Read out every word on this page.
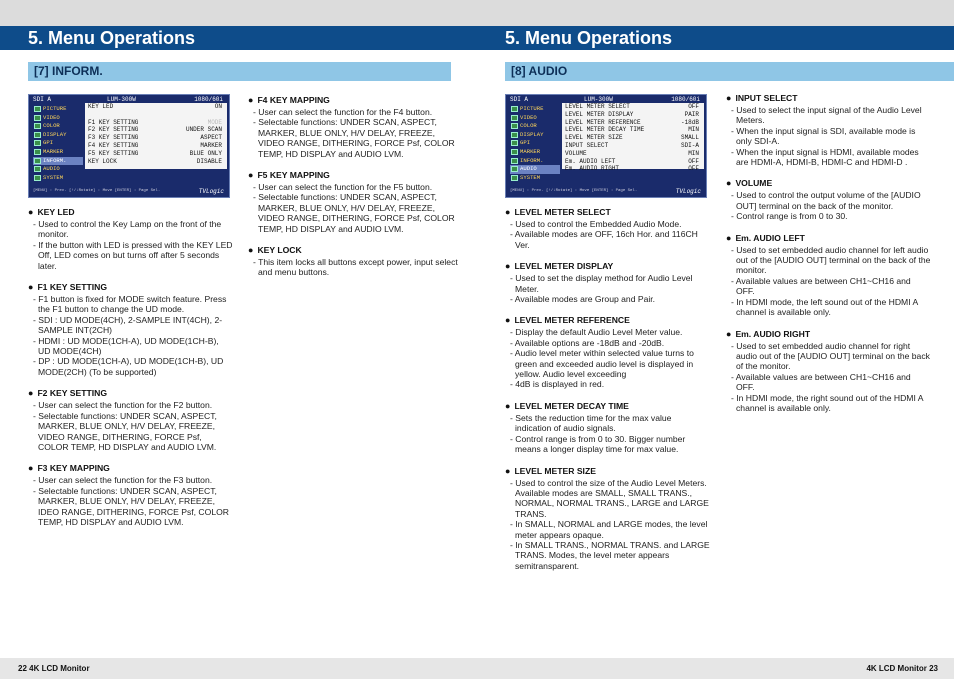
5. Menu Operations	5. Menu Operations
[7] INFORM.	[8] AUDIO
SDI A	LUM-300W	1080/60i
PICTURE
VIDEO
COLOR
DISPLAY
GPI
MARKER
INFORM.
AUDIO
SYSTEM
KEY LED	ON
F1 KEY SETTING	MODE
F2 KEY SETTING	UNDER SCAN
F3 KEY SETTING	ASPECT
F4 KEY SETTING	MARKER
F5 KEY SETTING	BLUE ONLY
KEY LOCK	DISABLE
[MENU] : Prev. [↑/↓Rotate] : Move [ENTER] : Page Sel.	TVLogic
SDI A	LUM-300W	1080/60i
PICTURE
VIDEO
COLOR
DISPLAY
GPI
MARKER
INFORM.
AUDIO
SYSTEM
LEVEL METER SELECT	OFF
LEVEL METER DISPLAY	PAIR
LEVEL METER REFERENCE	-18dB
LEVEL METER DECAY TIME	MIN
LEVEL METER SIZE	SMALL
INPUT SELECT	SDI-A
VOLUME	MIN
Em. AUDIO LEFT	OFF
Em. AUDIO RIGHT	OFF
[MENU] : Prev. [↑/↓Rotate] : Move [ENTER] : Page Sel.	TVLogic
● KEY LED

- Used to control the Key Lamp on the front of the monitor.

- If the button with LED is pressed with the KEY LED Off, LED comes on but turns off after 5 seconds later.

● F1 KEY SETTING

- F1 button is fixed for MODE switch feature. Press the F1 button to change the UD mode.

- SDI : UD MODE(4CH), 2-SAMPLE INT(4CH), 2-SAMPLE INT(2CH)

- HDMI : UD MODE(1CH-A), UD MODE(1CH-B), UD MODE(4CH)

- DP : UD MODE(1CH-A), UD MODE(1CH-B), UD MODE(2CH) (To be supported)

● F2 KEY SETTING

- User can select the function for the F2 button.

- Selectable functions: UNDER SCAN, ASPECT, MARKER, BLUE ONLY, H/V DELAY, FREEZE, VIDEO RANGE, DITHERING, FORCE Psf, COLOR TEMP, HD DISPLAY and AUDIO LVM.

● F3 KEY MAPPING

- User can select the function for the F3 button.

- Selectable functions: UNDER SCAN, ASPECT, MARKER, BLUE ONLY, H/V DELAY, FREEZE, IDEO RANGE, DITHERING, FORCE Psf, COLOR TEMP, HD DISPLAY and AUDIO LVM.

● F4 KEY MAPPING

- User can select the function for the F4 button.

- Selectable functions: UNDER SCAN, ASPECT, MARKER, BLUE ONLY, H/V DELAY, FREEZE, VIDEO RANGE, DITHERING, FORCE Psf, COLOR TEMP, HD DISPLAY and AUDIO LVM.

● F5 KEY MAPPING

- User can select the function for the F5 button.

- Selectable functions: UNDER SCAN, ASPECT, MARKER, BLUE ONLY, H/V DELAY, FREEZE, VIDEO RANGE, DITHERING, FORCE Psf, COLOR TEMP, HD DISPLAY and AUDIO LVM.

● KEY LOCK

- This item locks all buttons except power, input select and menu buttons.

● LEVEL METER SELECT

- Used to control the Embedded Audio Mode.

- Available modes are OFF, 16ch Hor. and 116CH Ver.

● LEVEL METER DISPLAY

- Used to set the display method for Audio Level Meter.

- Available modes are Group and Pair.

● LEVEL METER REFERENCE

- Display the default Audio Level Meter value.

- Available options are -18dB and -20dB.

- Audio level meter within selected value turns to green and exceeded audio level is displayed in yellow. Audio level exceeding

- 4dB is displayed in red.

● LEVEL METER DECAY TIME

- Sets the reduction time for the max value indication of audio signals.

- Control range is from 0 to 30. Bigger number means a longer display time for max value.

● LEVEL METER SIZE

- Used to control the size of the Audio Level Meters. Available modes are SMALL, SMALL TRANS., NORMAL, NORMAL TRANS., LARGE and LARGE TRANS.

- In SMALL, NORMAL and LARGE modes, the level meter appears opaque.

- In SMALL TRANS., NORMAL TRANS. and LARGE TRANS. Modes, the level meter appears semitransparent.

● INPUT SELECT

- Used to select the input signal of the Audio Level Meters.

- When the input signal is SDI, available mode is only SDI-A.

- When the input signal is HDMI, available modes are HDMI-A, HDMI-B, HDMI-C and HDMI-D .

● VOLUME

- Used to control the output volume of the [AUDIO OUT] terminal on the back of the monitor.

- Control range is from 0 to 30.

● Em. AUDIO LEFT

- Used to set embedded audio channel for left audio out of the [AUDIO OUT] terminal on the back of the monitor.

- Available values are between CH1~CH16 and OFF.

- In HDMI mode, the left sound out of the HDMI A channel is available only.

● Em. AUDIO RIGHT

- Used to set embedded audio channel for right audio out of the [AUDIO OUT] terminal on the back of the monitor.

- Available values are between CH1~CH16 and OFF.

- In HDMI mode, the right sound out of the HDMI A channel is available only.

22 4K LCD Monitor	4K LCD Monitor 23
